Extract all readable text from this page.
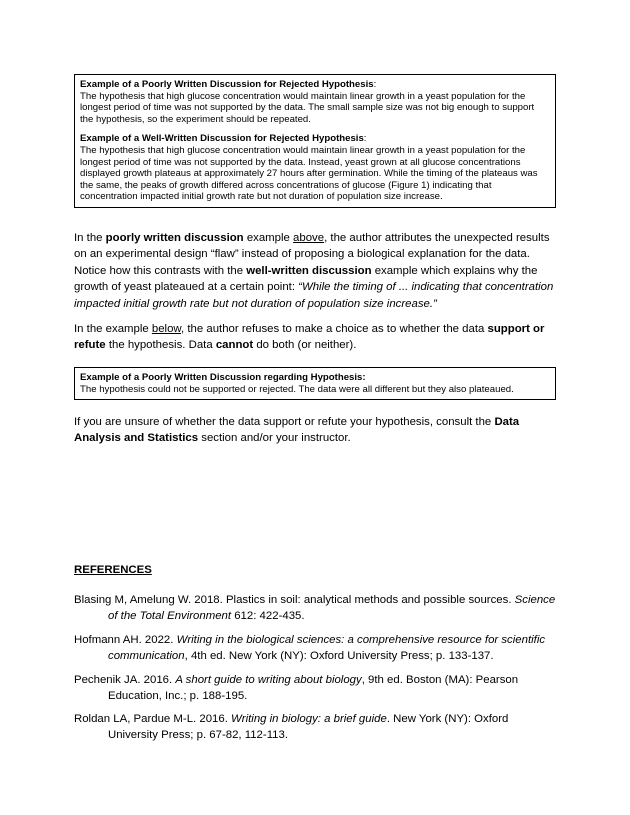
Example of a Poorly Written Discussion for Rejected Hypothesis:

The hypothesis that high glucose concentration would maintain linear growth in a yeast population for the longest period of time was not supported by the data. The small sample size was not big enough to support the hypothesis, so the experiment should be repeated.

Example of a Well-Written Discussion for Rejected Hypothesis:

The hypothesis that high glucose concentration would maintain linear growth in a yeast population for the longest period of time was not supported by the data. Instead, yeast grown at all glucose concentrations displayed growth plateaus at approximately 27 hours after germination. While the timing of the plateaus was the same, the peaks of growth differed across concentrations of glucose (Figure 1) indicating that concentration impacted initial growth rate but not duration of population size increase.

In the poorly written discussion example above, the author attributes the unexpected results on an experimental design “flaw” instead of proposing a biological explanation for the data. Notice how this contrasts with the well-written discussion example which explains why the growth of yeast plateaued at a certain point: “While the timing of ... indicating that concentration impacted initial growth rate but not duration of population size increase.”

In the example below, the author refuses to make a choice as to whether the data support or refute the hypothesis. Data cannot do both (or neither).

Example of a Poorly Written Discussion regarding Hypothesis:

The hypothesis could not be supported or rejected. The data were all different but they also plateaued.

If you are unsure of whether the data support or refute your hypothesis, consult the Data Analysis and Statistics section and/or your instructor.

REFERENCES

Blasing M, Amelung W. 2018. Plastics in soil: analytical methods and possible sources. Science of the Total Environment 612: 422-435.

Hofmann AH. 2022. Writing in the biological sciences: a comprehensive resource for scientific communication, 4th ed. New York (NY): Oxford University Press; p. 133-137.

Pechenik JA. 2016. A short guide to writing about biology, 9th ed. Boston (MA): Pearson Education, Inc.; p. 188-195.

Roldan LA, Pardue M-L. 2016. Writing in biology: a brief guide. New York (NY): Oxford University Press; p. 67-82, 112-113.
